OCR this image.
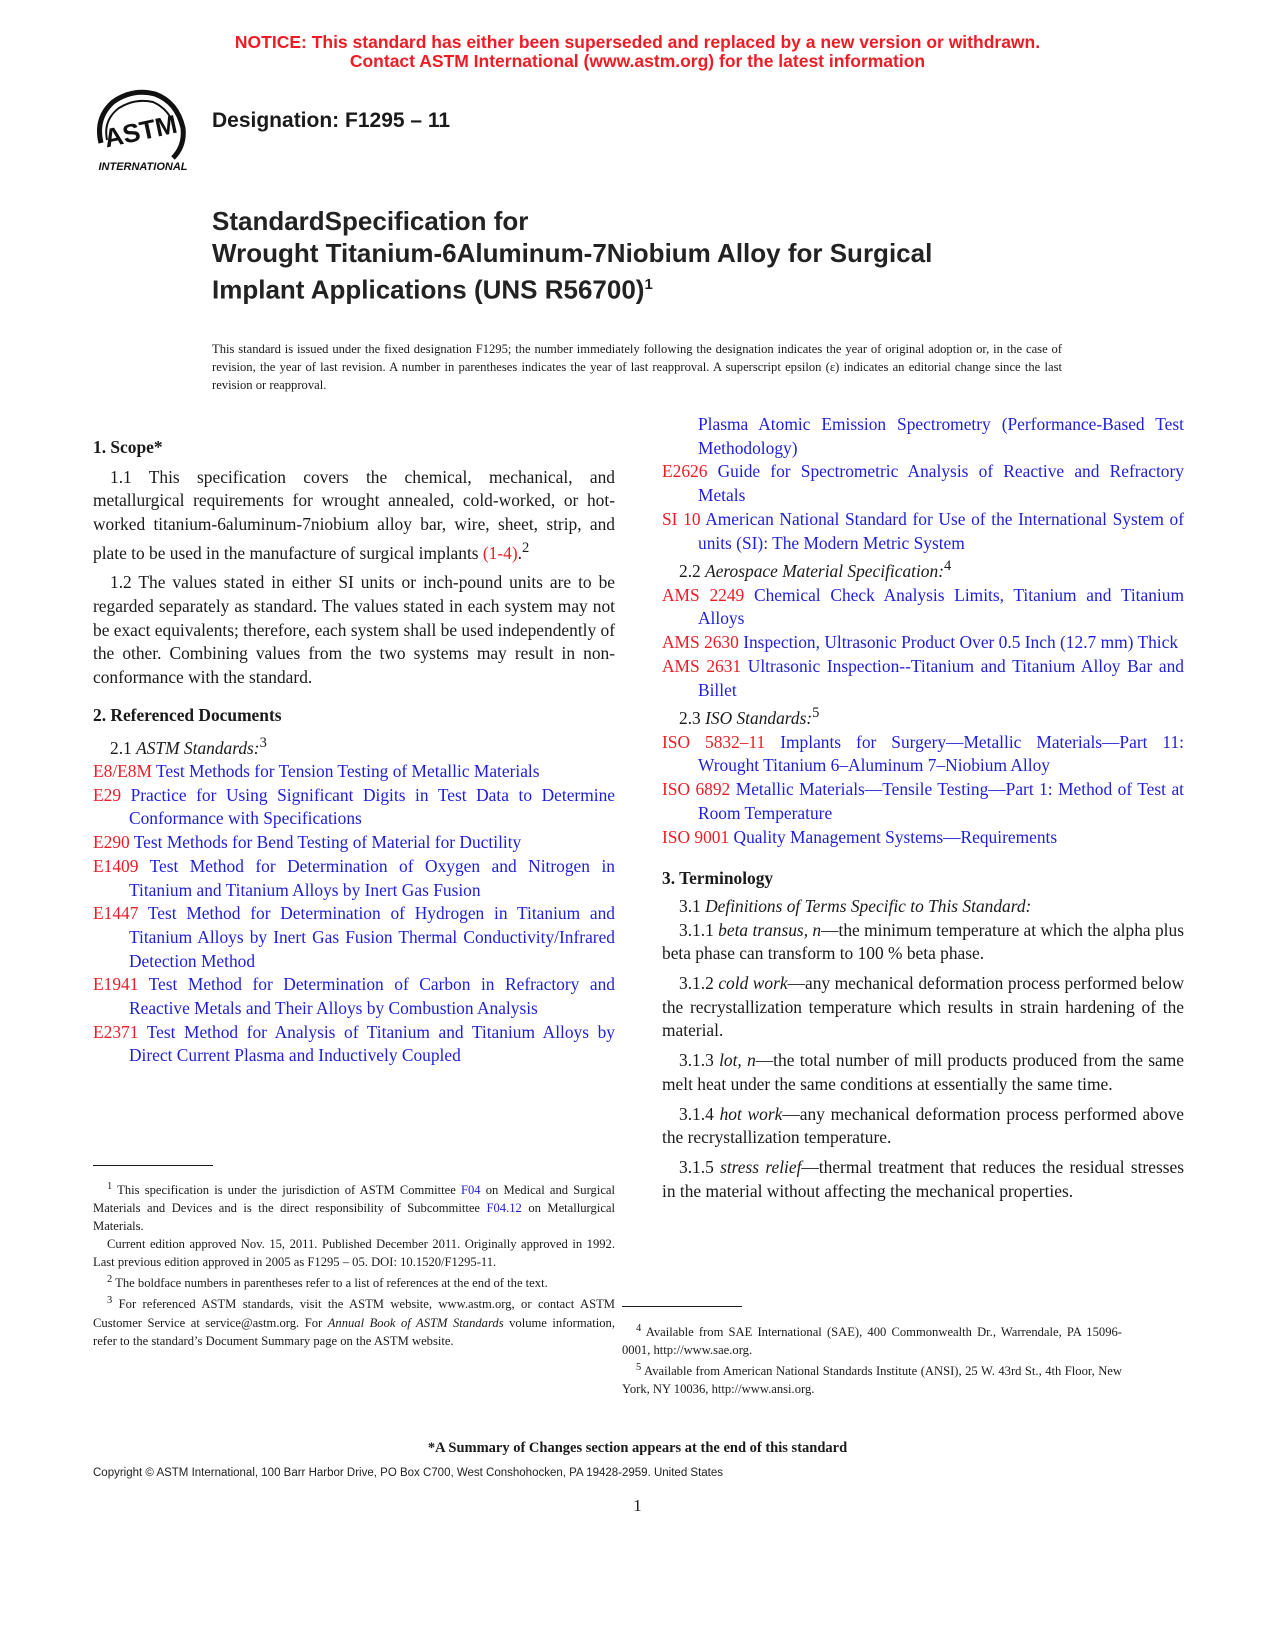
NOTICE: This standard has either been superseded and replaced by a new version or withdrawn.
Contact ASTM International (www.astm.org) for the latest information
ASTM
INTERNATIONAL
Designation: F1295 – 11
StandardSpecification for
Wrought Titanium-6Aluminum-7Niobium Alloy for Surgical
Implant Applications (UNS R56700)$^1$
This standard is issued under the fixed designation F1295; the number immediately following the designation indicates the year of original adoption or, in the case of revision, the year of last revision. A number in parentheses indicates the year of last reapproval. A superscript epsilon (ε) indicates an editorial change since the last revision or reapproval.

1. Scope*

1.1 This specification covers the chemical, mechanical, and metallurgical requirements for wrought annealed, cold-worked, or hot-worked titanium-6aluminum-7niobium alloy bar, wire, sheet, strip, and plate to be used in the manufacture of surgical implants (1-4).$^2$

1.2 The values stated in either SI units or inch-pound units are to be regarded separately as standard. The values stated in each system may not be exact equivalents; therefore, each system shall be used independently of the other. Combining values from the two systems may result in non-conformance with the standard.

2. Referenced Documents

2.1 ASTM Standards:$^3$

E8/E8M Test Methods for Tension Testing of Metallic Materials
E29 Practice for Using Significant Digits in Test Data to Determine Conformance with Specifications
E290 Test Methods for Bend Testing of Material for Ductility
E1409 Test Method for Determination of Oxygen and Nitrogen in Titanium and Titanium Alloys by Inert Gas Fusion
E1447 Test Method for Determination of Hydrogen in Titanium and Titanium Alloys by Inert Gas Fusion Thermal Conductivity/Infrared Detection Method
E1941 Test Method for Determination of Carbon in Refractory and Reactive Metals and Their Alloys by Combustion Analysis
E2371 Test Method for Analysis of Titanium and Titanium Alloys by Direct Current Plasma and Inductively Coupled

$^1$ This specification is under the jurisdiction of ASTM Committee F04 on Medical and Surgical Materials and Devices and is the direct responsibility of Subcommittee F04.12 on Metallurgical Materials.

Current edition approved Nov. 15, 2011. Published December 2011. Originally approved in 1992. Last previous edition approved in 2005 as F1295 – 05. DOI: 10.1520/F1295-11.

$^2$ The boldface numbers in parentheses refer to a list of references at the end of the text.

$^3$ For referenced ASTM standards, visit the ASTM website, www.astm.org, or contact ASTM Customer Service at service@astm.org. For Annual Book of ASTM Standards volume information, refer to the standard’s Document Summary page on the ASTM website.

Plasma Atomic Emission Spectrometry (Performance-Based Test Methodology)
E2626 Guide for Spectrometric Analysis of Reactive and Refractory Metals
SI 10 American National Standard for Use of the International System of units (SI): The Modern Metric System

2.2 Aerospace Material Specification:$^4$

AMS 2249 Chemical Check Analysis Limits, Titanium and Titanium Alloys
AMS 2630 Inspection, Ultrasonic Product Over 0.5 Inch (12.7 mm) Thick
AMS 2631 Ultrasonic Inspection--Titanium and Titanium Alloy Bar and Billet

2.3 ISO Standards:$^5$

ISO 5832–11 Implants for Surgery—Metallic Materials—Part 11: Wrought Titanium 6–Aluminum 7–Niobium Alloy
ISO 6892 Metallic Materials—Tensile Testing—Part 1: Method of Test at Room Temperature
ISO 9001 Quality Management Systems—Requirements

3. Terminology

3.1 Definitions of Terms Specific to This Standard:

3.1.1 beta transus, n—the minimum temperature at which the alpha plus beta phase can transform to 100 % beta phase.

3.1.2 cold work—any mechanical deformation process performed below the recrystallization temperature which results in strain hardening of the material.

3.1.3 lot, n—the total number of mill products produced from the same melt heat under the same conditions at essentially the same time.

3.1.4 hot work—any mechanical deformation process performed above the recrystallization temperature.

3.1.5 stress relief—thermal treatment that reduces the residual stresses in the material without affecting the mechanical properties.

$^4$ Available from SAE International (SAE), 400 Commonwealth Dr., Warrendale, PA 15096-0001, http://www.sae.org.

$^5$ Available from American National Standards Institute (ANSI), 25 W. 43rd St., 4th Floor, New York, NY 10036, http://www.ansi.org.

*A Summary of Changes section appears at the end of this standard
Copyright © ASTM International, 100 Barr Harbor Drive, PO Box C700, West Conshohocken, PA 19428-2959. United States
1
